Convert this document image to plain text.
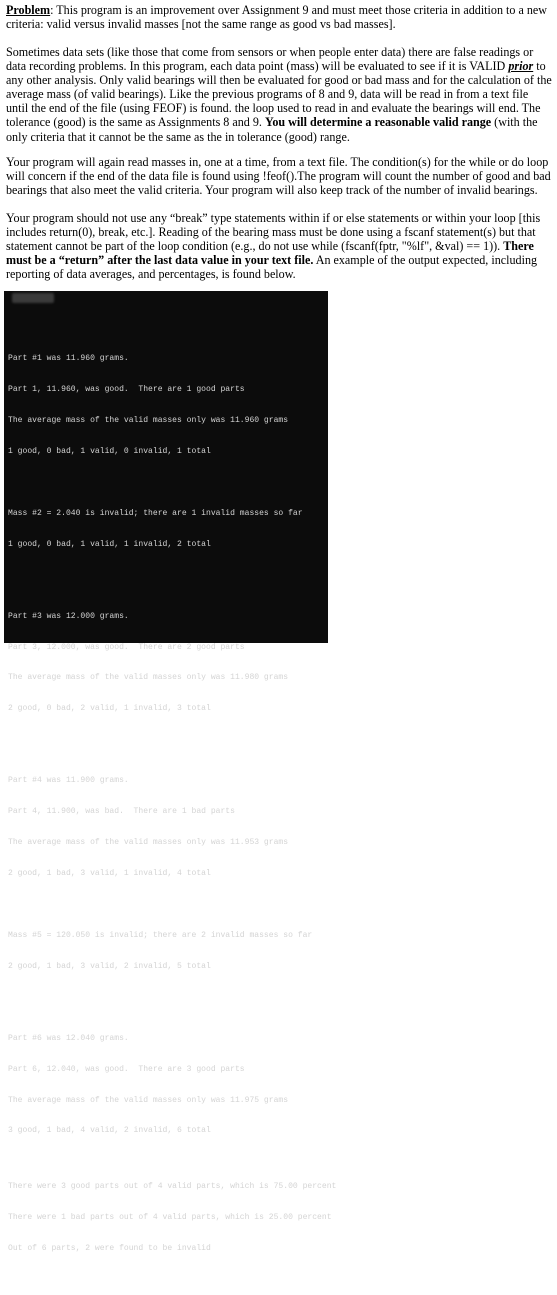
Problem: This program is an improvement over Assignment 9 and must meet those criteria in addition to a new criteria: valid versus invalid masses [not the same range as good vs bad masses].

Sometimes data sets (like those that come from sensors or when people enter data) there are false readings or data recording problems. In this program, each data point (mass) will be evaluated to see if it is VALID prior to any other analysis. Only valid bearings will then be evaluated for good or bad mass and for the calculation of the average mass (of valid bearings). Like the previous programs of 8 and 9, data will be read in from a text file until the end of the file (using FEOF) is found. the loop used to read in and evaluate the bearings will end. The tolerance (good) is the same as Assignments 8 and 9. You will determine a reasonable valid range (with the only criteria that it cannot be the same as the in tolerance (good) range.

Your program will again read masses in, one at a time, from a text file. The condition(s) for the while or do loop will concern if the end of the data file is found using !feof().The program will count the number of good and bad bearings that also meet the valid criteria. Your program will also keep track of the number of invalid bearings.

Your program should not use any “break” type statements within if or else statements or within your loop [this includes return(0), break, etc.]. Reading of the bearing mass must be done using a fscanf statement(s) but that statement cannot be part of the loop condition (e.g., do not use while (fscanf(fptr, "%lf", &val) == 1)). There must be a “return” after the last data value in your text file. An example of the output expected, including reporting of data averages, and percentages, is found below.

Part #1 was 11.960 grams.

Part 1, 11.960, was good.  There are 1 good parts

The average mass of the valid masses only was 11.960 grams

1 good, 0 bad, 1 valid, 0 invalid, 1 total

Mass #2 = 2.040 is invalid; there are 1 invalid masses so far

1 good, 0 bad, 1 valid, 1 invalid, 2 total

Part #3 was 12.000 grams.

Part 3, 12.000, was good.  There are 2 good parts

The average mass of the valid masses only was 11.980 grams

2 good, 0 bad, 2 valid, 1 invalid, 3 total

Part #4 was 11.900 grams.

Part 4, 11.900, was bad.  There are 1 bad parts

The average mass of the valid masses only was 11.953 grams

2 good, 1 bad, 3 valid, 1 invalid, 4 total

Mass #5 = 120.050 is invalid; there are 2 invalid masses so far

2 good, 1 bad, 3 valid, 2 invalid, 5 total

Part #6 was 12.040 grams.

Part 6, 12.040, was good.  There are 3 good parts

The average mass of the valid masses only was 11.975 grams

3 good, 1 bad, 4 valid, 2 invalid, 6 total

There were 3 good parts out of 4 valid parts, which is 75.00 percent

There were 1 bad parts out of 4 valid parts, which is 25.00 percent

Out of 6 parts, 2 were found to be invalid
